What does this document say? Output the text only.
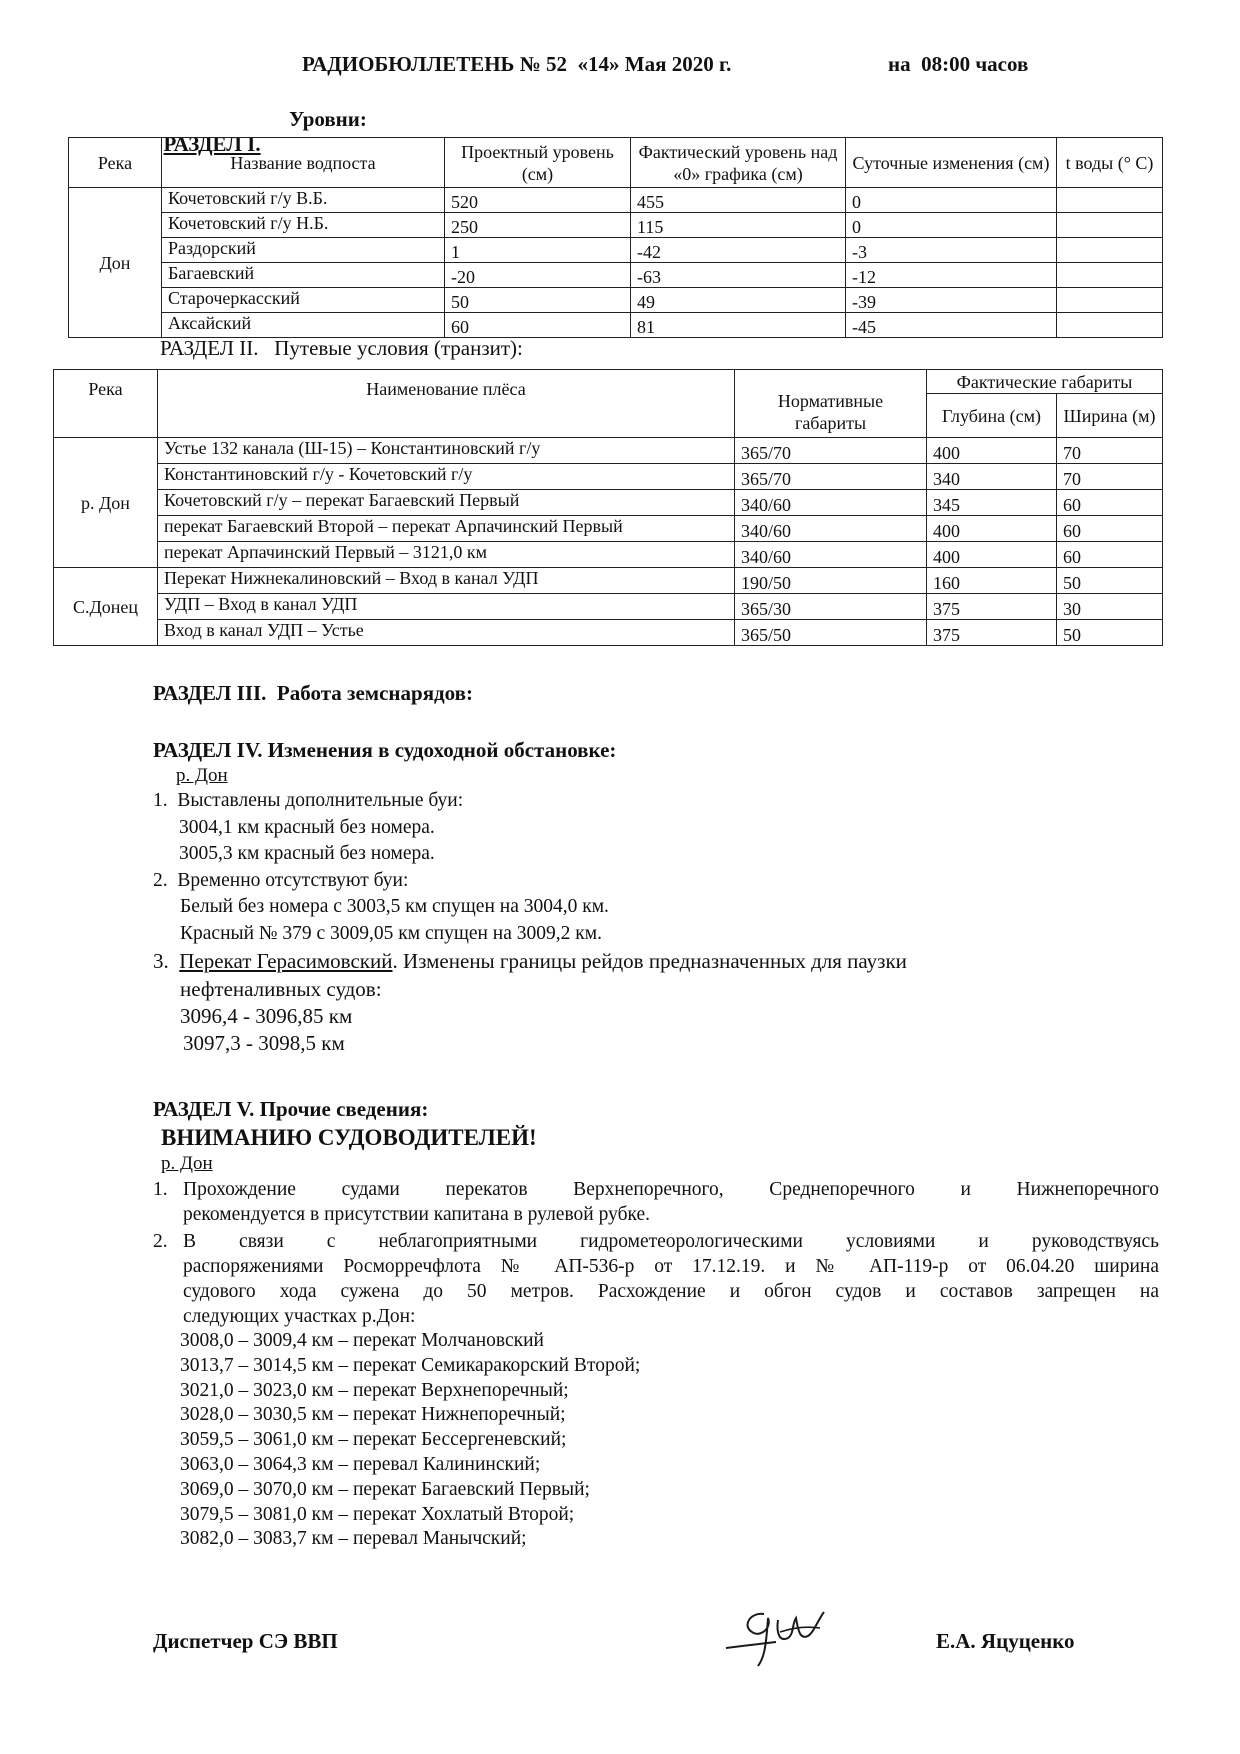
РАДИОБЮЛЛЕТЕНЬ № 52  «14» Мая 2020 г.	на  08:00 часов

РАЗДЕЛ I.

Уровни:

Река	Название водпоста	Проектный уровень (см)	Фактический уровень над «0» графика (см)	Суточные изменения (см)	t воды (° С)
Дон	Кочетовский г/у В.Б.	520	455	0	
	Кочетовский г/у Н.Б.	250	115	0	
	Раздорский	1	-42	-3	
	Багаевский	-20	-63	-12	
	Старочеркасский	50	49	-39	
	Аксайский	60	81	-45	
РАЗДЕЛ II.   Путевые условия (транзит):
Река	Наименование плёса	Нормативные габариты	Фактические габариты	
			Глубина (см)	Ширина (м)
р. Дон	Устье 132 канала (Ш-15) – Константиновский г/у	365/70	400	70
	Константиновский г/у - Кочетовский г/у	365/70	340	70
	Кочетовский г/у – перекат Багаевский Первый	340/60	345	60
	перекат Багаевский Второй – перекат Арпачинский Первый	340/60	400	60
	перекат Арпачинский Первый – 3121,0 км	340/60	400	60
С.Донец	Перекат Нижнекалиновский – Вход в канал УДП	190/50	160	50
	УДП – Вход в канал УДП	365/30	375	30
	Вход в канал УДП – Устье	365/50	375	50
РАЗДЕЛ III.  Работа земснарядов:
РАЗДЕЛ IV. Изменения в судоходной обстановке:
р. Дон
1.  Выставлены дополнительные буи:
3004,1 км красный без номера.
3005,3 км красный без номера.
2.  Временно отсутствуют буи:
Белый без номера с 3003,5 км спущен на 3004,0 км.
Красный № 379 с 3009,05 км спущен на 3009,2 км.
3.  Перекат Герасимовский. Изменены границы рейдов предназначенных для паузки
нефтеналивных судов:
3096,4 - 3096,85 км
3097,3 - 3098,5 км
РАЗДЕЛ V. Прочие сведения:
ВНИМАНИЮ СУДОВОДИТЕЛЕЙ!
р. Дон
1. Прохождение судами перекатов Верхнепоречного, Среднепоречного и Нижнепоречного
рекомендуется в присутствии капитана в рулевой рубке.
2. В связи с неблагоприятными гидрометеорологическими условиями и руководствуясь
распоряжениями Росморречфлота № АП-536-р от 17.12.19. и № АП-119-р от 06.04.20 ширина
судового хода сужена до 50 метров. Расхождение и обгон судов и составов запрещен на
следующих участках р.Дон:
3008,0 – 3009,4 км – перекат Молчановский
3013,7 – 3014,5 км – перекат Семикаракорский Второй;
3021,0 – 3023,0 км – перекат Верхнепоречный;
3028,0 – 3030,5 км – перекат Нижнепоречный;
3059,5 – 3061,0 км – перекат Бессергеневский;
3063,0 – 3064,3 км – перевал Калининский;
3069,0 – 3070,0 км – перекат Багаевский Первый;
3079,5 – 3081,0 км – перекат Хохлатый Второй;
3082,0 – 3083,7 км – перевал Манычский;
Диспетчер СЭ ВВП	Е.А. Яцуценко
